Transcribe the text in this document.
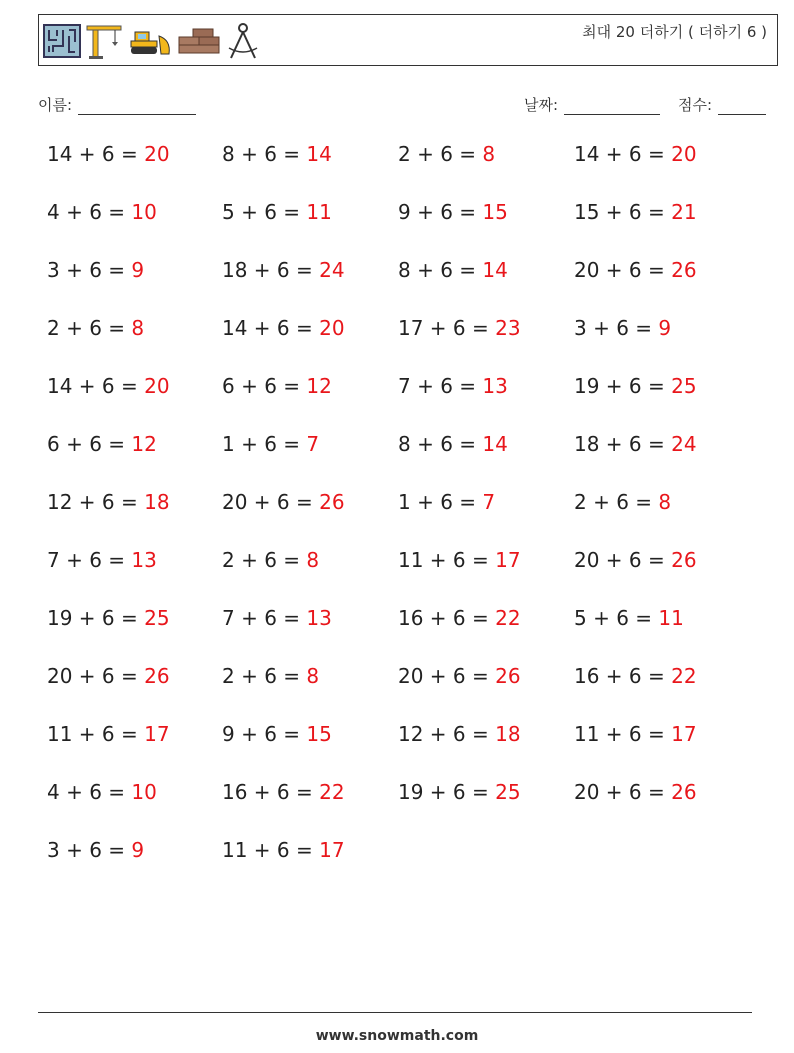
최대 20 더하기 ( 더하기 6 )
이름:	날짜:	점수:
14 + 6 = 20	8 + 6 = 14	2 + 6 = 8	14 + 6 = 20
4 + 6 = 10	5 + 6 = 11	9 + 6 = 15	15 + 6 = 21
3 + 6 = 9	18 + 6 = 24	8 + 6 = 14	20 + 6 = 26
2 + 6 = 8	14 + 6 = 20	17 + 6 = 23	3 + 6 = 9
14 + 6 = 20	6 + 6 = 12	7 + 6 = 13	19 + 6 = 25
6 + 6 = 12	1 + 6 = 7	8 + 6 = 14	18 + 6 = 24
12 + 6 = 18	20 + 6 = 26	1 + 6 = 7	2 + 6 = 8
7 + 6 = 13	2 + 6 = 8	11 + 6 = 17	20 + 6 = 26
19 + 6 = 25	7 + 6 = 13	16 + 6 = 22	5 + 6 = 11
20 + 6 = 26	2 + 6 = 8	20 + 6 = 26	16 + 6 = 22
11 + 6 = 17	9 + 6 = 15	12 + 6 = 18	11 + 6 = 17
4 + 6 = 10	16 + 6 = 22	19 + 6 = 25	20 + 6 = 26
3 + 6 = 9	11 + 6 = 17
www.snowmath.com
